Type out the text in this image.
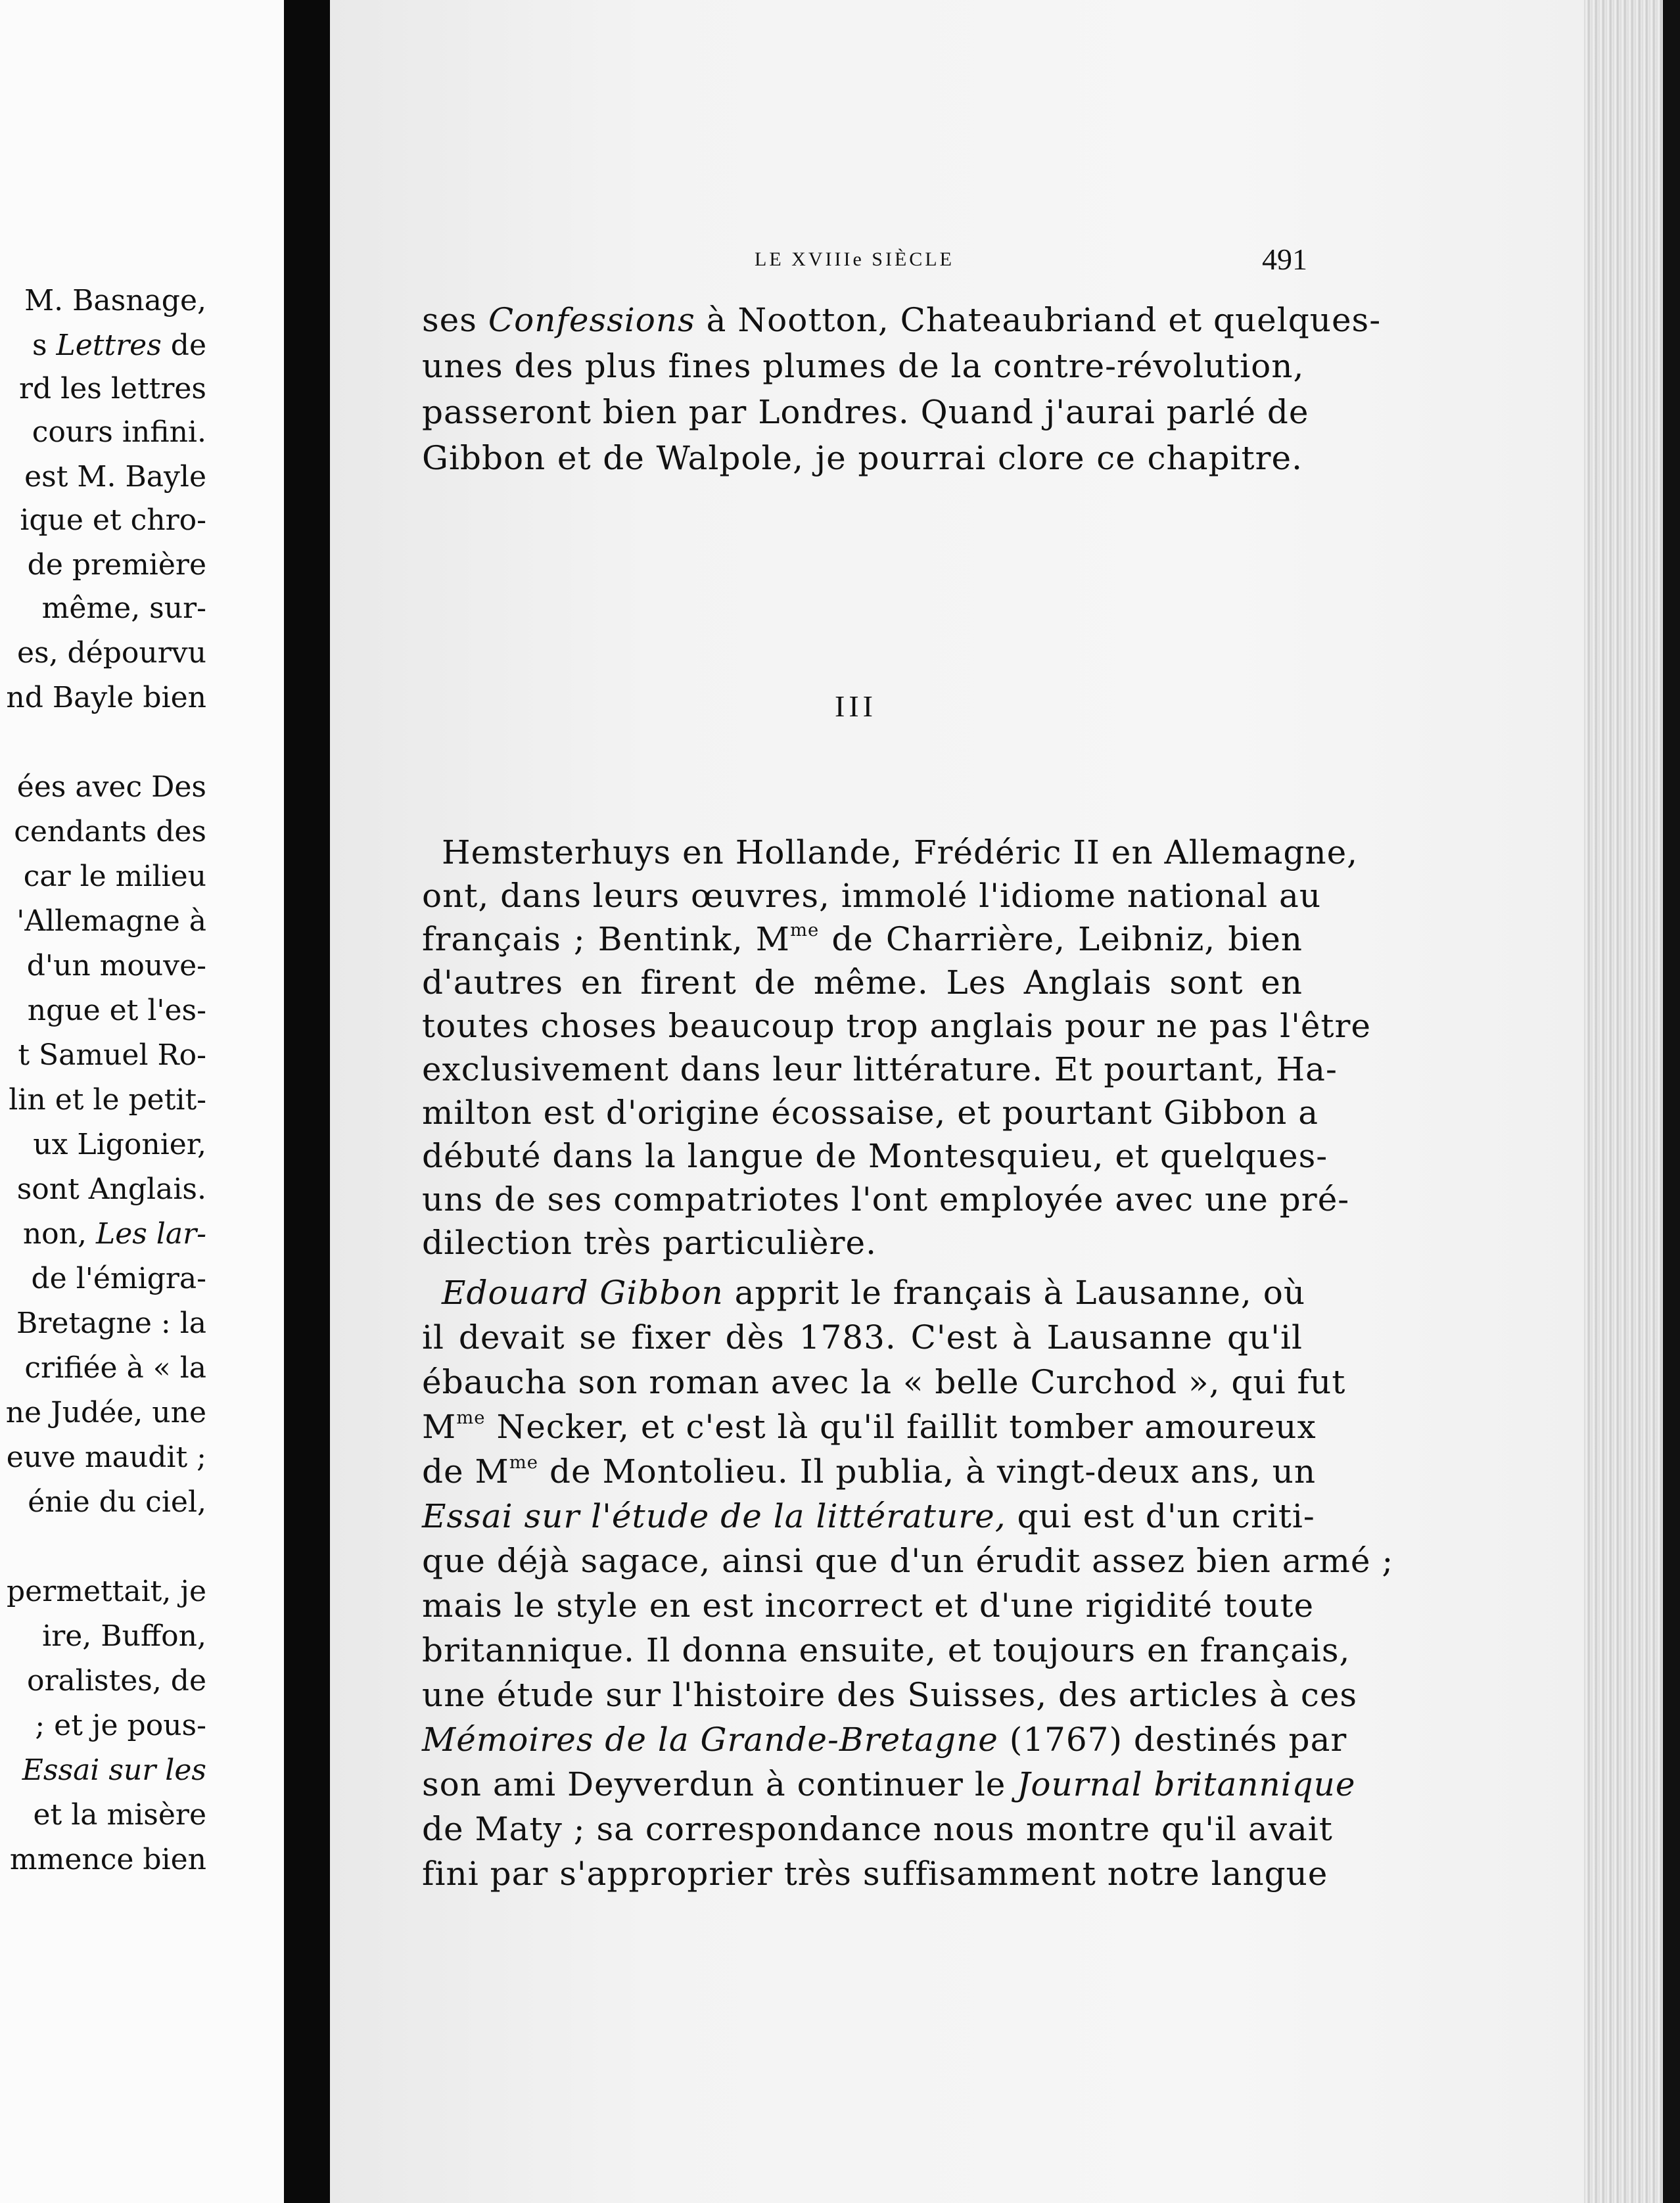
M. Basnage,
s Lettres de
rd les lettres
cours infini.
est M. Bayle
ique et chro-
de première
même, sur-
es, dépourvu
nd Bayle bien
ées avec Des
cendants des
car le milieu
'Allemagne à
d'un mouve-
ngue et l'es-
t Samuel Ro-
lin et le petit-
ux Ligonier,
sont Anglais.
non, Les lar-
de l'émigra-
Bretagne : la
crifiée à « la
ne Judée, une
euve maudit ;
énie du ciel,
permettait, je
ire, Buffon,
oralistes, de
; et je pous-
Essai sur les
et la misère
mmence bien
LE XVIIIe SIÈCLE	491
ses Confessions à Nootton, Chateaubriand et quelques-
unes des plus fines plumes de la contre-révolution,
passeront bien par Londres. Quand j'aurai parlé de
Gibbon et de Walpole, je pourrai clore ce chapitre.
III
Hemsterhuys en Hollande, Frédéric II en Allemagne,
ont, dans leurs œuvres, immolé l'idiome national au
français ; Bentink, $M^{me}$ de Charrière, Leibniz, bien
d'autres en firent de même. Les Anglais sont en
toutes choses beaucoup trop anglais pour ne pas l'être
exclusivement dans leur littérature. Et pourtant, Ha-
milton est d'origine écossaise, et pourtant Gibbon a
débuté dans la langue de Montesquieu, et quelques-
uns de ses compatriotes l'ont employée avec une pré-
dilection très particulière.
Edouard Gibbon apprit le français à Lausanne, où
il devait se fixer dès 1783. C'est à Lausanne qu'il
ébaucha son roman avec la « belle Curchod », qui fut
$M^{me}$ Necker, et c'est là qu'il faillit tomber amoureux
de $M^{me}$ de Montolieu. Il publia, à vingt-deux ans, un
Essai sur l'étude de la littérature, qui est d'un criti-
que déjà sagace, ainsi que d'un érudit assez bien armé ;
mais le style en est incorrect et d'une rigidité toute
britannique. Il donna ensuite, et toujours en français,
une étude sur l'histoire des Suisses, des articles à ces
Mémoires de la Grande-Bretagne (1767) destinés par
son ami Deyverdun à continuer le Journal britannique
de Maty ; sa correspondance nous montre qu'il avait
fini par s'approprier très suffisamment notre langue
